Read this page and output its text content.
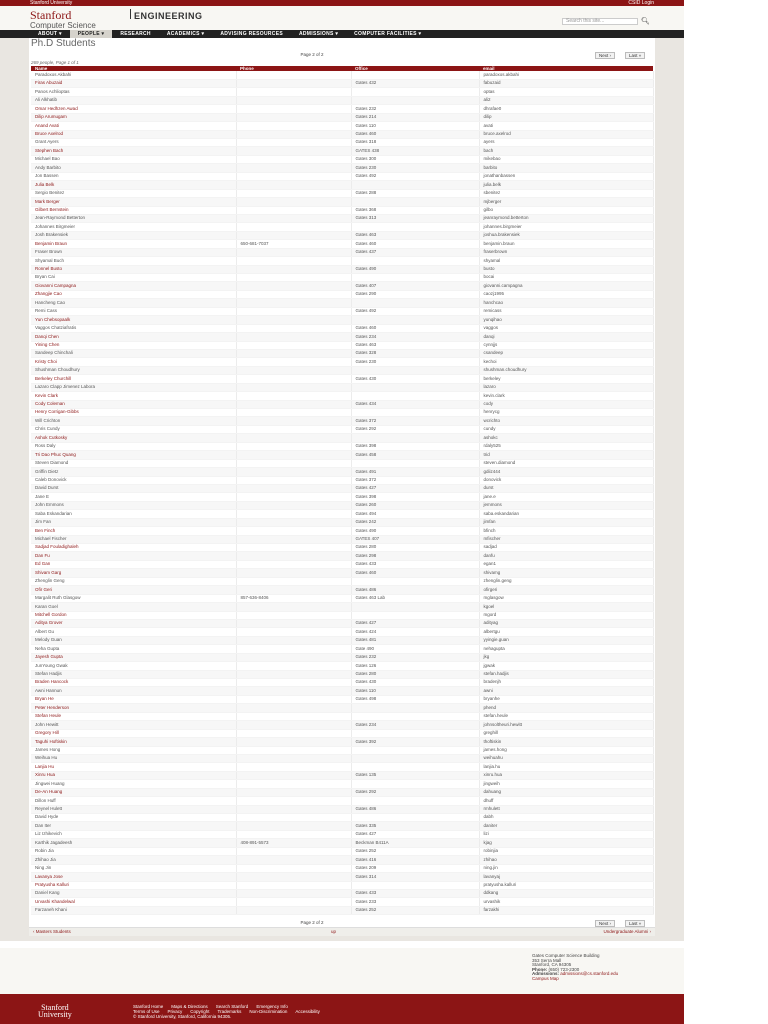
Stanford University	CSID Login
Stanford	ENGINEERING
Computer Science	Search this site...	🔍︎
ABOUT ▾	PEOPLE ▾	RESEARCH	ACADEMICS ▾	ADVISING RESOURCES	ADMISSIONS ▾	COMPUTER FACILITIES ▾
Ph.D Students
Page 2 of 2	Next ›	Last »
269 people, Page 1 of 1
Name	Phone	Office	email
Paradoxos Akbahi			paradoxos.akbahi
Firas Abuzaid		Gates 432	fabuzaid
Panos Achlioptas			optas
Ali Alkhatib			ali2
Omar Hedhzen Awad		Gates 232	dhrafae0
Dilip Arumugam		Gates 214	dilip
Anand Avati		Gates 110	avati
Bruce Axelrod		Gates 460	bruce.axelrod
Grant Ayers		Gates 318	ayers
Stephen Bach		GATES 438	bach
Michael Bao		Gates 300	mikebao
Andy Barbito		Gates 230	barbito
Jon Bassen		Gates 492	jonathanbassen
Julia Belk			julia.belk
Sergio Benitez		Gates 288	sbenitez
Mark Berger			mjberger
Gilbert Bernstein		Gates 368	gilbo
Jean-Raymond Betterton		Gates 313	jeanraymond.betterton
Johannes Birgmeier			johannes.birgmeier
Josh Brakensiek		Gates 463	joshua.brakensiek
Benjamin Braun	650-681-7037	Gates 460	benjamin.braun
Fraser Brown		Gates 437	fraserbrown
Shyamal Buch			shyamal
Ronnel Busto		Gates 490	busto
Bryan Cai			bocai
Giovanni Campagna		Gates 407	giovanni.campagna
Zhangjie Cao		Gates 290	caozj1995
Hancheng Cao			hanchcao
Remi Cass		Gates 492	remicass
Yun Chebsopaalk			yunqihao
Vaggos Chatziafratis		Gates 460	vaggos
Danqi Chen		Gates 234	danqi
Yining Chen		Gates 463	cynnjjs
Sandeep Chinchali		Gates 328	csandeep
Kristy Choi		Gates 230	kechoi
Shushman Choudhury			shushman.choudhury
Berkeley Churchill		Gates 430	berkeley
Lazaro Clapp Jimenez Labora			lazaro
Kevin Clark			kevin.clark
Cody Coleman		Gates 434	cody
Henry Corrigan-Gibbs			henrycg
Will Crichton		Gates 372	wcrichto
Chris Cundy		Gates 292	cundy
Ashok Cutkosky			ashokc
Ross Daly		Gates 398	rdaly525
Tri Dao Phuc Quang		Gates 458	trid
Steven Diamond			steven.diamond
Griffin Dietz		Gates 491	gdiiz444
Caleb Donovick		Gates 372	donovick
David Durst		Gates 427	durst
Jane E		Gates 398	jane.e
John Emmons		Gates 260	jemmons
Saba Eskandarian		Gates 494	saba.eskandarian
Jim Fan		Gates 242	jimfan
Ben Finch		Gates 490	bfinch
Michael Fischer		GATES 407	mfischer
Sadjad Fouladighaleh		Gates 280	sadjad
Dan Fu		Gates 298	danfu
Ed Gan		Gates 433	egan1
Shivam Garg		Gates 460	shivamg
Zhenglin Geng			zhenglin.geng
Ofir Geri		Gates 486	ofirgeri
Margalit Ruth Glasgow	857-636-8406	Gates 463 Lab	mglasgow
Karan Goel			kgoel
Mitchell Gordon			mgord
Aditya Grover		Gates 427	adityag
Albert Gu		Gates 424	albertgu
Melody Guan		Gates 481	yyingie.guan
Neha Gupta		Gate 490	nehagupta
Jayesh Gupta		Gates 232	jkg
JunYoung Gwak		Gates 126	jgwak
Stefan Hadjis		Gates 280	stefan.hadjis
Braden Hancock		Gates 430	bradenjh
Awni Hannun		Gates 110	awni
Bryan He		Gates 498	bryanhe
Peter Henderson			phend
Stefan Heule			stefan.heule
John Hewitt		Gates 234	johnsoltheuri.hewitt
Gregory Hill			greghill
Taguhi Hoftiskin		Gates 392	thoftiskin
James Hong			james.hong
Weihua Hu			weihuahu
Lanjia Hu			lanjia.hu
Xinru Hua		Gates 135	xinru.hua
Jingwei Huang			jingweih
De-An Huang		Gates 292	dahuang
Dillon Huff			dhuff
Reynel Hulett		Gates 486	rmhulett
David Hyde			dabh
Dan Iter		Gates 335	daniter
Liz Izhikevich		Gates 427	lizi
Karthik Jagadeesh	408-891-5573	Beckman B411A	kjag
Robin Jia		Gates 252	robinjia
Zhihao Jia		Gates 416	zhihao
Ning Jin		Gates 209	ning.jin
Lavanya Jose		Gates 314	lavanyaj
Pratyusha Kalluri			pratyusha.kalluri
Daniel Kang		Gates 433	ddkang
Urvashi Khandelwal		Gates 233	urvashik
Farzaneh Khani		Gates 252	farzakhi
Page 2 of 2	Next ›	Last »
‹ Masters Students	up	Undergraduate Alumni ›
Gates Computer Science Building
353 Serra Mall
Stanford, CA 94305
Phone: (650) 723-2300
Admissions: admissions@cs.stanford.edu
Campus Map
Stanford
University
Stanford Home Maps & Directions Search Stanford Emergency Info
Terms of Use Privacy Copyright Trademarks Non-Discrimination Accessibility
© Stanford University, Stanford, California 94305.
